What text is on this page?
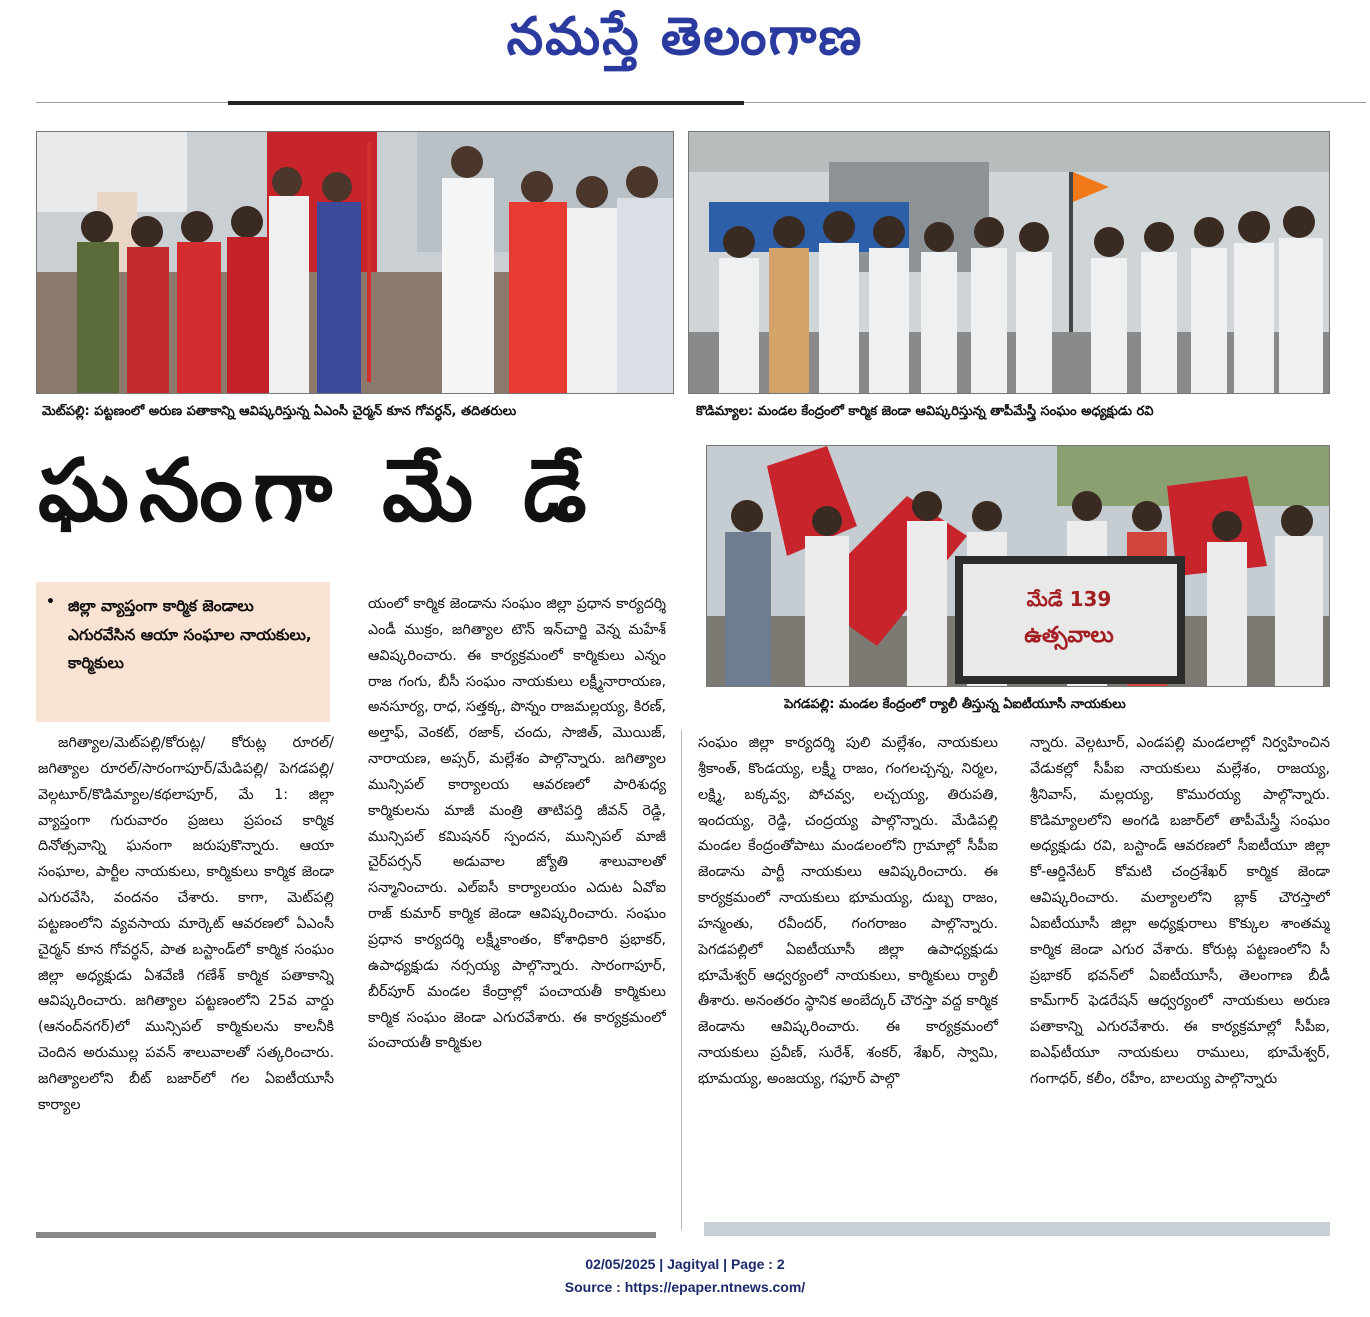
నమస్తే తెలంగాణ
మెట్‌పల్లి: పట్టణంలో అరుణ పతాకాన్ని ఆవిష్కరిస్తున్న ఏఎంసీ చైర్మన్‌ కూన గోవర్ధన్‌, తదితరులు	కొడిమ్యాల: మండల కేంద్రంలో కార్మిక జెండా ఆవిష్కరిస్తున్న తాపీమేస్త్రీ సంఘం అధ్యక్షుడు రవి
మేడే 139
ఉత్సవాలు
పెగడపల్లి: మండల కేంద్రంలో ర్యాలీ తీస్తున్న ఏఐటీయూసీ నాయకులు
ఘనంగా మే డే
• జిల్లా వ్యాప్తంగా కార్మిక జెండాలు ఎగురవేసిన ఆయా సంఘాల నాయకులు, కార్మికులు
జగిత్యాల/మెట్‌పల్లి/కోరుట్ల/ కోరుట్ల రూరల్‌/ జగిత్యాల రూరల్‌/సారంగాపూర్‌/మేడిపల్లి/ పెగడపల్లి/వెల్గటూర్‌/కొడిమ్యాల/కథలాపూర్‌, మే 1: జిల్లా వ్యాప్తంగా గురువారం ప్రజలు ప్రపంచ కార్మిక దినోత్సవాన్ని ఘనంగా జరుపుకొన్నారు. ఆయా సంఘాల, పార్టీల నాయకులు, కార్మికులు కార్మిక జెండా ఎగురవేసి, వందనం చేశారు. కాగా, మెట్‌పల్లి పట్టణంలోని వ్యవసాయ మార్కెట్‌ ఆవరణలో ఏఎంసీ చైర్మన్‌ కూన గోవర్ధన్‌, పాత బస్టాండ్‌లో కార్మిక సంఘం జిల్లా అధ్యక్షుడు ఏశవేణి గణేశ్‌ కార్మిక పతాకాన్ని ఆవిష్కరించారు. జగిత్యాల పట్టణంలోని 25వ వార్డు (ఆనంద్‌నగర్‌)లో మున్సిపల్‌ కార్మికులను కాలనీకి చెందిన అరుముల్ల పవన్‌ శాలువాలతో సత్కరించారు. జగిత్యాలలోని బీట్‌ బజార్‌లో గల ఏఐటీయూసీ కార్యాల
యంలో కార్మిక జెండాను సంఘం జిల్లా ప్రధాన కార్యదర్శి ఎండీ ముక్రం, జగిత్యాల టౌన్‌ ఇన్‌చార్జి వెన్న మహేశ్‌ ఆవిష్కరించారు. ఈ కార్యక్రమంలో కార్మికులు ఎన్నం రాజ గంగు, బీసీ సంఘం నాయకులు లక్ష్మీనారాయణ, అనసూర్య, రాధ, సత్తక్క, పొన్నం రాజమల్లయ్య, కిరణ్‌, అల్తాఫ్‌, వెంకట్‌, రజాక్‌, చందు, సాజిత్‌, మొయిజ్‌, నారాయణ, అప్సర్‌, మల్లేశం పాల్గొన్నారు. జగిత్యాల మున్సిపల్‌ కార్యాలయ ఆవరణలో పారిశుధ్య కార్మికులను మాజీ మంత్రి తాటిపర్తి జీవన్‌ రెడ్డి, మున్సిపల్‌ కమిషనర్‌ స్పందన, మున్సిపల్‌ మాజీ చైర్‌పర్సన్‌ అడువాల జ్యోతి శాలువాలతో సన్మానించారు. ఎల్‌ఐసీ కార్యాలయం ఎదుట ఏవోఐ రాజ్‌ కుమార్‌ కార్మిక జెండా ఆవిష్కరించారు. సంఘం ప్రధాన కార్యదర్శి లక్ష్మీకాంతం, కోశాధికారి ప్రభాకర్‌, ఉపాధ్యక్షుడు నర్సయ్య పాల్గొన్నారు. సారంగాపూర్‌, బీర్‌పూర్‌ మండల కేంద్రాల్లో పంచాయతీ కార్మికులు కార్మిక సంఘం జెండా ఎగురవేశారు. ఈ కార్యక్రమంలో పంచాయతీ కార్మికుల
సంఘం జిల్లా కార్యదర్శి పులి మల్లేశం, నాయకులు శ్రీకాంత్‌, కొండయ్య, లక్ష్మీ రాజం, గంగలచ్చన్న, నిర్మల, లక్ష్మి, బక్కవ్వ, పోచవ్వ, లచ్చయ్య, తిరుపతి, ఇందయ్య, రెడ్డి, చంద్రయ్య పాల్గొన్నారు. మేడిపల్లి మండల కేంద్రంతోపాటు మండలంలోని గ్రామాల్లో సీపీఐ జెండాను పార్టీ నాయకులు ఆవిష్కరించారు. ఈ కార్యక్రమంలో నాయకులు భూమయ్య, దుబ్బ రాజం, హన్మంతు, రవీందర్‌, గంగరాజం పాల్గొన్నారు. పెగడపల్లిలో ఏఐటీయూసీ జిల్లా ఉపాధ్యక్షుడు భూమేశ్వర్‌ ఆధ్వర్యంలో నాయకులు, కార్మికులు ర్యాలీ తీశారు. అనంతరం స్థానిక అంబేద్కర్‌ చౌరస్తా వద్ద కార్మిక జెండాను ఆవిష్కరించారు. ఈ కార్యక్రమంలో నాయకులు ప్రవీణ్‌, సురేశ్‌, శంకర్‌, శేఖర్‌, స్వామి, భూమయ్య, అంజయ్య, గఫూర్‌ పాల్గొ
న్నారు. వెల్గటూర్‌, ఎండపల్లి మండలాల్లో నిర్వహించిన వేడుకల్లో సీపీఐ నాయకులు మల్లేశం, రాజయ్య, శ్రీనివాస్‌, మల్లయ్య, కొమురయ్య పాల్గొన్నారు. కొడిమ్యాలలోని అంగడి బజార్‌లో తాపీమేస్త్రీ సంఘం అధ్యక్షుడు రవి, బస్టాండ్‌ ఆవరణలో సీఐటీయూ జిల్లా కో-ఆర్డినేటర్‌ కోమటి చంద్రశేఖర్‌ కార్మిక జెండా ఆవిష్కరించారు. మల్యాలలోని బ్లాక్‌ చౌరస్తాలో ఏఐటీయూసీ జిల్లా అధ్యక్షురాలు కొక్కుల శాంతమ్మ కార్మిక జెండా ఎగుర వేశారు. కోరుట్ల పట్టణంలోని సీ ప్రభాకర్‌ భవన్‌లో ఏఐటీయూసీ, తెలంగాణ బీడీ కామ్‌గార్‌ ఫెడరేషన్‌ ఆధ్వర్యంలో నాయకులు అరుణ పతాకాన్ని ఎగురవేశారు. ఈ కార్యక్రమాల్లో సీపీఐ, ఐఎఫ్‌టీయూ నాయకులు రాములు, భూమేశ్వర్‌, గంగాధర్‌, కలీం, రహీం, బాలయ్య పాల్గొన్నారు
02/05/2025 | Jagityal | Page : 2
Source : https://epaper.ntnews.com/
